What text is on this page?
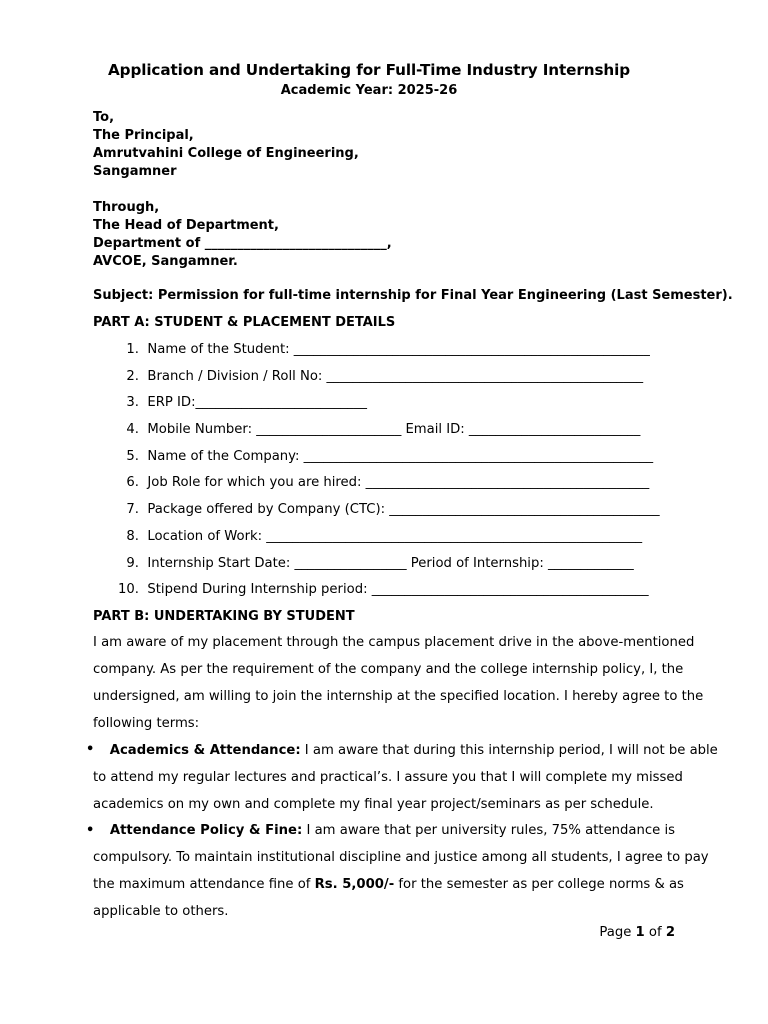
Application and Undertaking for Full-Time Industry Internship
Academic Year: 2025-26
To,
The Principal,
Amrutvahini College of Engineering,
Sangamner
Through,
The Head of Department,
Department of ____________________________,
AVCOE, Sangamner.
Subject: Permission for full-time internship for Final Year Engineering (Last Semester).
PART A: STUDENT & PLACEMENT DETAILS
1. Name of the Student: ______________________________________________________
2. Branch / Division / Roll No: ________________________________________________
3. ERP ID:__________________________
4. Mobile Number: ______________________ Email ID: __________________________
5. Name of the Company: _____________________________________________________
6. Job Role for which you are hired: ___________________________________________
7. Package offered by Company (CTC): _________________________________________
8. Location of Work: _________________________________________________________
9. Internship Start Date: _________________ Period of Internship: _____________
10. Stipend During Internship period: __________________________________________
PART B: UNDERTAKING BY STUDENT
I am aware of my placement through the campus placement drive in the above-mentioned
company. As per the requirement of the company and the college internship policy, I, the
undersigned, am willing to join the internship at the specified location. I hereby agree to the
following terms:
•	Academics & Attendance: I am aware that during this internship period, I will not be able
to attend my regular lectures and practical’s. I assure you that I will complete my missed
academics on my own and complete my final year project/seminars as per schedule.
•	Attendance Policy & Fine: I am aware that per university rules, 75% attendance is
compulsory. To maintain institutional discipline and justice among all students, I agree to pay
the maximum attendance fine of Rs. 5,000/- for the semester as per college norms & as
applicable to others.
Page 1 of 2
